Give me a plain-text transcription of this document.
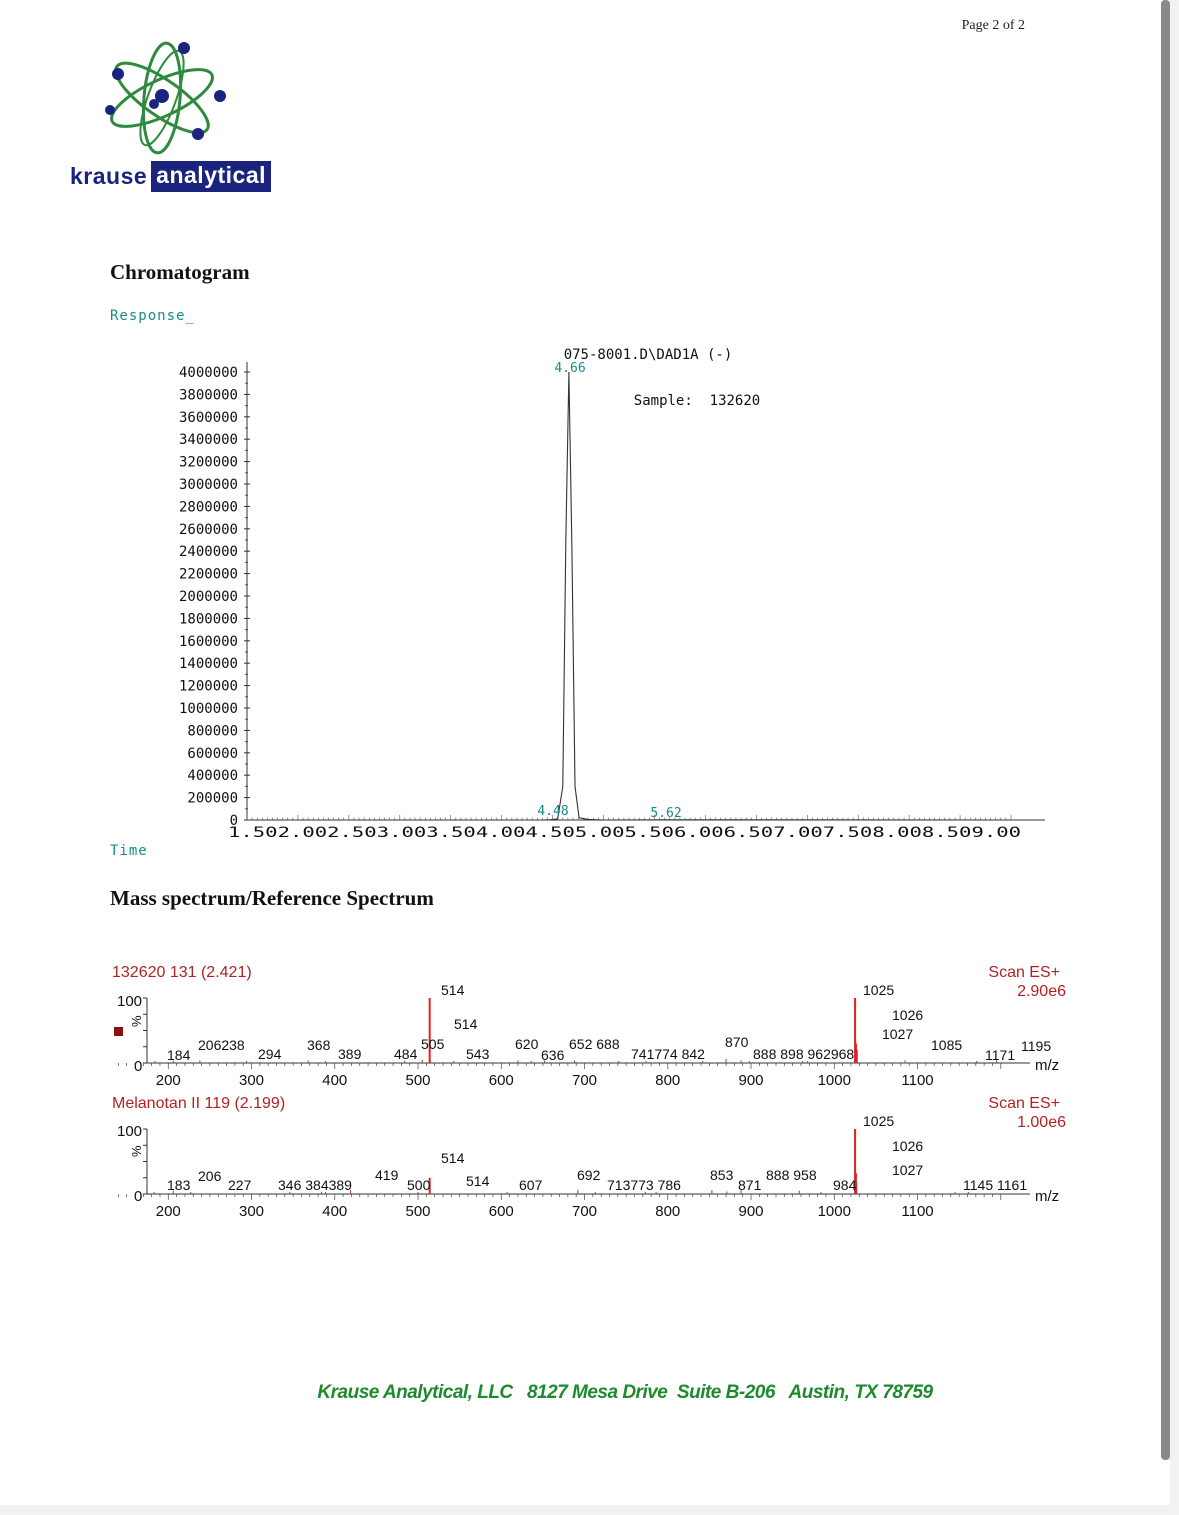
Page 2 of 2
krause analytical
Chromatogram
Response_
Time
075-8001.D\DAD1A (-)
Sample:  132620
4000000
3800000
3600000
3400000
3200000
3000000
2800000
2600000
2400000
2200000
2000000
1800000
1600000
1400000
1200000
1000000
800000
600000
400000
200000
0
1.502.002.503.003.504.004.505.005.506.006.507.007.508.008.509.00
4.66
4.48	5.62
Mass spectrum/Reference Spectrum
132620 131 (2.421)	Scan ES+
2.90e6
100
%
0	m/z
200	300	400	500	600	700	800	900	1000	1100
184
206238
294
368
389 484
505
514
514
543
620
636
652 688
741774 842
870
888 898 962968
1025
1026
1027
1085
1171
1195
Melanotan II 119 (2.199)	Scan ES+
1.00e6
100
%
0	m/z
200	300	400	500	600	700	800	900	1000	1100
183
206
227 346 384389
419
500
514
514 607
692
713773 786
853
871
888 958
984
1025
1026
1027
1145 1161
Krause Analytical, LLC   8127 Mesa Drive  Suite B-206   Austin, TX 78759
